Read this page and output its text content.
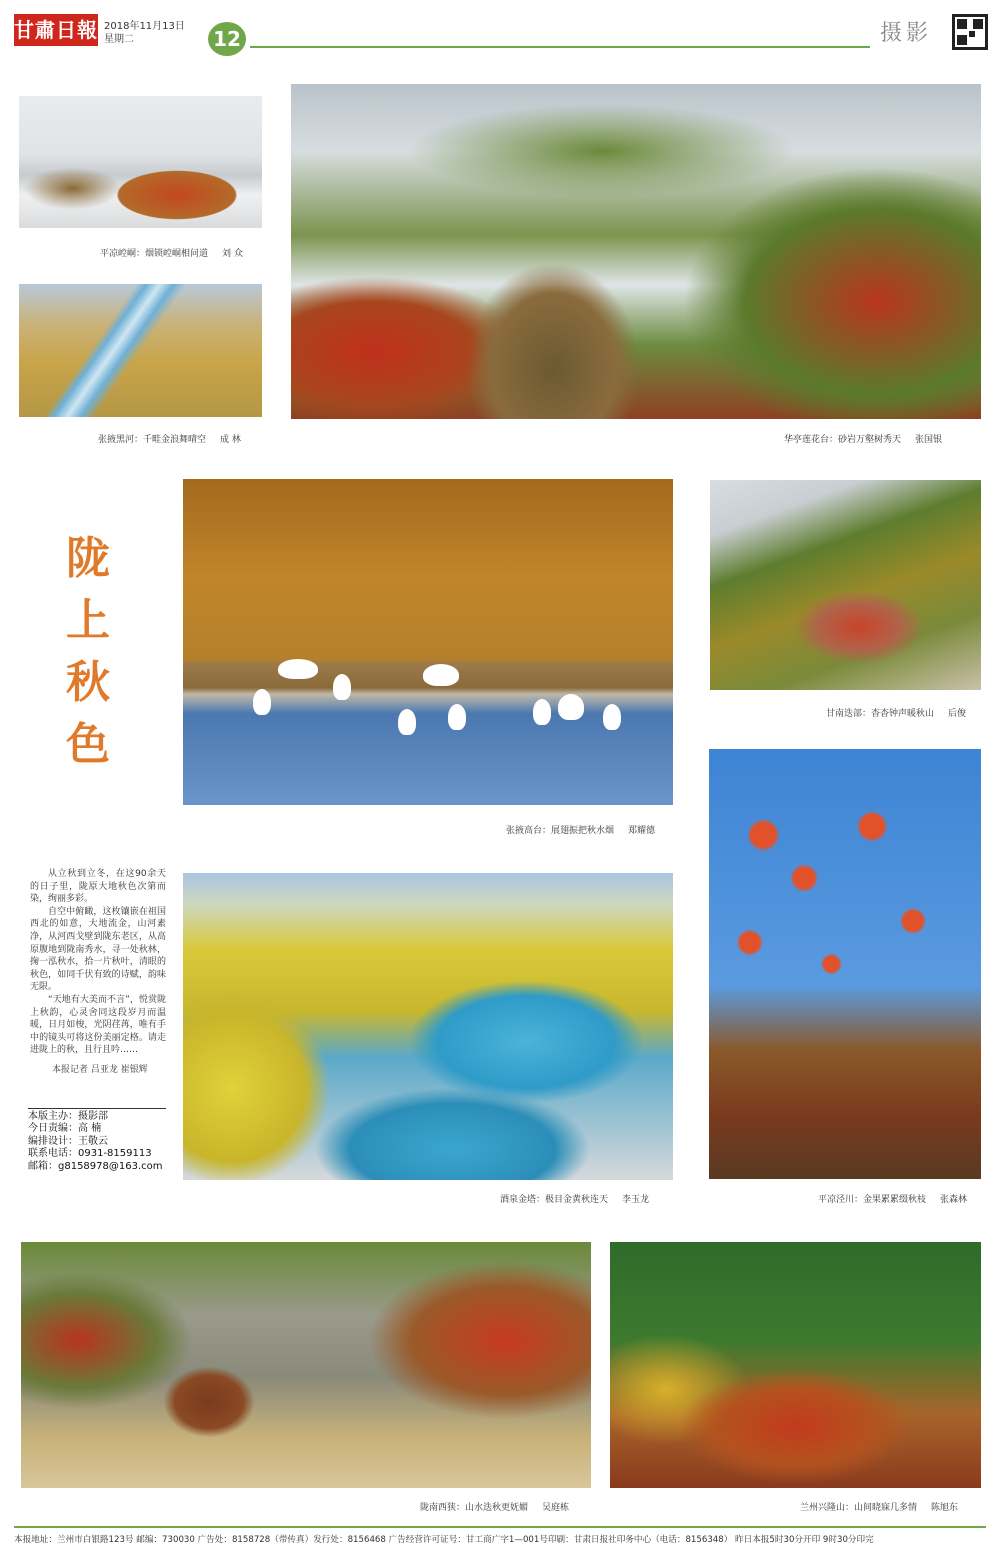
甘肅日報 2018年11月13日
星期二	12	摄影
平凉崆峒：烟锁崆峒相问道 刘 众
张掖黑河：千畦金浪舞晴空 成 林	华亭莲花台：砂岩万壑树秀天 张国银
陇
上
秋
色
张掖高台：展翅振把秋水烟 郑耀德
甘南迭部：杳杳钟声暖秋山 后俊
平凉泾川：金果累累缀秋枝 张森林

从立秋到立冬，在这90余天的日子里，陇原大地秋色次第而染，绚丽多彩。

自空中俯瞰，这枚镶嵌在祖国西北的如意，大地流金，山河素净，从河西戈壁到陇东老区，从高原腹地到陇南秀水，寻一处秋林，掬一泓秋水，拾一片秋叶，清眼的秋色，如同千伏有致的诗赋，韵味无限。

“天地有大美而不言”，悦赏陇上秋韵，心灵舍同这段岁月而温暖，日月如梭，光阴荏苒，唯有手中的镜头可将这份美丽定格。请走进陇上的秋，且行且吟……

本报记者 吕亚龙 崔银辉
本版主办：摄影部
今日责编：高 楠
编排设计：王敬云
联系电话：0931-8159113
邮箱：g8158978@163.com
酒泉金塔：极目金黄秋连天 李玉龙
陇南西狭：山水迭秋更妩媚 吴庭栋	兰州兴隆山：山间晓寐几多情 陈旭东
本报地址：兰州市白银路123号 邮编：730030 广告处：8158728（带传真）发行处：8156468 广告经营许可证号：甘工商广字1—001号印刷：甘肃日报社印务中心（电话：8156348） 昨日本报5时30分开印 9时30分印完
